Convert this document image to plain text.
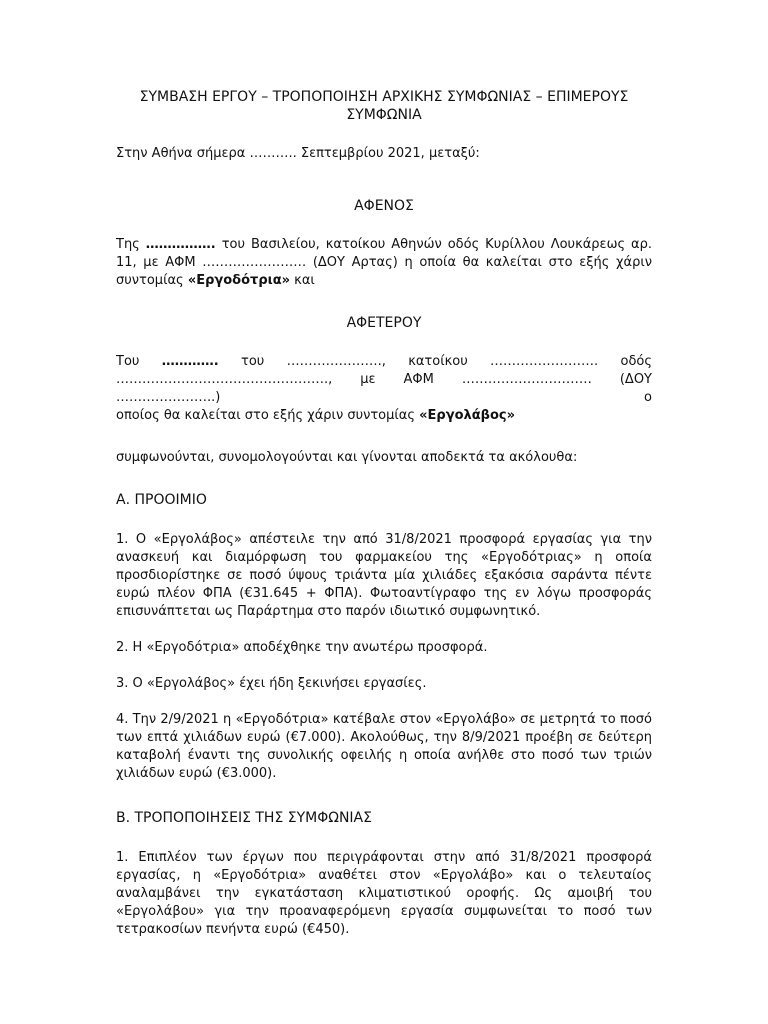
ΣΥΜΒΑΣΗ ΕΡΓΟΥ – ΤΡΟΠΟΠΟΙΗΣΗ ΑΡΧΙΚΗΣ ΣΥΜΦΩΝΙΑΣ – ΕΠΙΜΕΡΟΥΣ
ΣΥΜΦΩΝΙΑ

Στην Αθήνα σήμερα ……….. Σεπτεμβρίου 2021, μεταξύ:

ΑΦΕΝΟΣ

Της ……………. του Βασιλείου, κατοίκου Αθηνών οδός Κυρίλλου Λουκάρεως αρ. 11, με ΑΦΜ …………………… (ΔΟΥ Αρτας) η οποία θα καλείται στο εξής χάριν συντομίας «Εργοδότρια» και

ΑΦΕΤΕΡΟΥ

Του …………. του …………………., κατοίκου ……………………. οδός

…………………………………………., με ΑΦΜ ………………………… (ΔΟΥ …………………..) ο

οποίος θα καλείται στο εξής χάριν συντομίας «Εργολάβος»

συμφωνούνται, συνομολογούνται και γίνονται αποδεκτά τα ακόλουθα:

Α. ΠΡΟΟΙΜΙΟ

1. Ο «Εργολάβος» απέστειλε την από 31/8/2021 προσφορά εργασίας για την ανασκευή και διαμόρφωση του φαρμακείου της «Εργοδότριας» η οποία προσδιορίστηκε σε ποσό ύψους τριάντα μία χιλιάδες εξακόσια σαράντα πέντε ευρώ πλέον ΦΠΑ (€31.645 + ΦΠΑ). Φωτοαντίγραφο της εν λόγω προσφοράς επισυνάπτεται ως Παράρτημα στο παρόν ιδιωτικό συμφωνητικό.

2. Η «Εργοδότρια» αποδέχθηκε την ανωτέρω προσφορά.

3. Ο «Εργολάβος» έχει ήδη ξεκινήσει εργασίες.

4. Την 2/9/2021 η «Εργοδότρια» κατέβαλε στον «Εργολάβο» σε μετρητά το ποσό των επτά χιλιάδων ευρώ (€7.000). Ακολούθως, την 8/9/2021 προέβη σε δεύτερη καταβολή έναντι της συνολικής οφειλής η οποία ανήλθε στο ποσό των τριών χιλιάδων ευρώ (€3.000).

Β. ΤΡΟΠΟΠΟΙΗΣΕΙΣ ΤΗΣ ΣΥΜΦΩΝΙΑΣ

1. Επιπλέον των έργων που περιγράφονται στην από 31/8/2021 προσφορά εργασίας, η «Εργοδότρια» αναθέτει στον «Εργολάβο» και ο τελευταίος αναλαμβάνει την εγκατάσταση κλιματιστικού οροφής. Ως αμοιβή του «Εργολάβου» για την προαναφερόμενη εργασία συμφωνείται το ποσό των τετρακοσίων πενήντα ευρώ (€450).
